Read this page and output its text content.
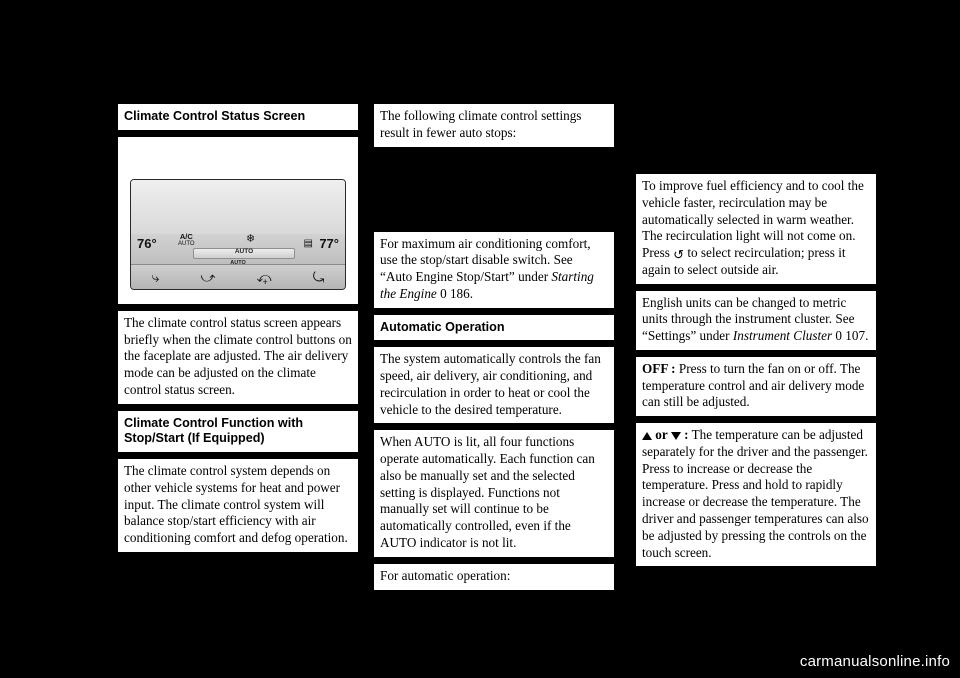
Climate Control Status Screen
76°	A/C
AUTO	❄
AUTO
AUTO
▤ 77°
⤷	⤻	⤽	⤿

The climate control status screen appears briefly when the climate control buttons on the faceplate are adjusted. The air delivery mode can be adjusted on the climate control status screen.

Climate Control Function with Stop/Start (If Equipped)

The climate control system depends on other vehicle systems for heat and power input. The climate control system will balance stop/start efficiency with air conditioning comfort and defog operation.

The following climate control settings result in fewer auto stops:

For maximum air conditioning comfort, use the stop/start disable switch. See “Auto Engine Stop/Start” under Starting the Engine 0 186.

Automatic Operation

The system automatically controls the fan speed, air delivery, air conditioning, and recirculation in order to heat or cool the vehicle to the desired temperature.

When AUTO is lit, all four functions operate automatically. Each function can also be manually set and the selected setting is displayed. Functions not manually set will continue to be automatically controlled, even if the AUTO indicator is not lit.

For automatic operation:

To improve fuel efficiency and to cool the vehicle faster, recirculation may be automatically selected in warm weather. The recirculation light will not come on. Press ↺ to select recirculation; press it again to select outside air.

English units can be changed to metric units through the instrument cluster. See “Settings” under Instrument Cluster 0 107.

OFF : Press to turn the fan on or off. The temperature control and air delivery mode can still be adjusted.

or  : The temperature can be adjusted separately for the driver and the passenger. Press to increase or decrease the temperature. Press and hold to rapidly increase or decrease the temperature. The driver and passenger temperatures can also be adjusted by pressing the controls on the touch screen.

carmanualsonline.info
